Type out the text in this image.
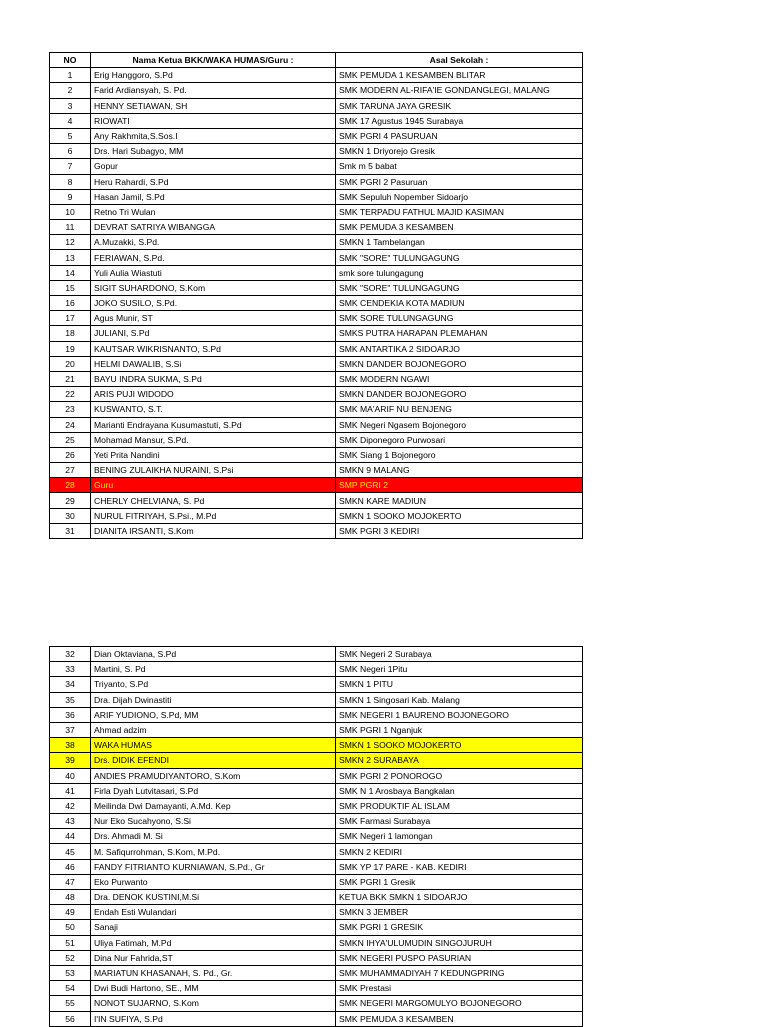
NO	Nama Ketua BKK/WAKA HUMAS/Guru :	Asal Sekolah :
1	Erig Hanggoro, S.Pd	SMK PEMUDA 1 KESAMBEN BLITAR
2	Farid Ardiansyah, S. Pd.	SMK MODERN AL-RIFA'IE GONDANGLEGI, MALANG
3	HENNY SETIAWAN, SH	SMK TARUNA JAYA GRESIK
4	RIOWATI	SMK 17 Agustus 1945 Surabaya
5	Any Rakhmita,S.Sos.I	SMK PGRI 4 PASURUAN
6	Drs. Hari Subagyo, MM	SMKN 1 Driyorejo Gresik
7	Gopur	Smk m 5 babat
8	Heru Rahardi, S.Pd	SMK PGRI 2 Pasuruan
9	Hasan Jamil, S.Pd	SMK Sepuluh Nopember Sidoarjo
10	Retno Tri Wulan	SMK TERPADU FATHUL MAJID KASIMAN
11	DEVRAT SATRIYA WIBANGGA	SMK PEMUDA 3 KESAMBEN
12	A.Muzakki, S.Pd.	SMKN 1 Tambelangan
13	FERIAWAN, S.Pd.	SMK "SORE" TULUNGAGUNG
14	Yuli Aulia Wiastuti	smk sore tulungagung
15	SIGIT SUHARDONO, S.Kom	SMK "SORE" TULUNGAGUNG
16	JOKO SUSILO, S.Pd.	SMK CENDEKIA KOTA MADIUN
17	Agus Munir, ST	SMK SORE TULUNGAGUNG
18	JULIANI, S.Pd	SMKS PUTRA HARAPAN PLEMAHAN
19	KAUTSAR WIKRISNANTO, S.Pd	SMK ANTARTIKA 2 SIDOARJO
20	HELMI DAWALIB, S.Si	SMKN DANDER BOJONEGORO
21	BAYU INDRA SUKMA, S.Pd	SMK MODERN NGAWI
22	ARIS PUJI WIDODO	SMKN DANDER BOJONEGORO
23	KUSWANTO, S.T.	SMK MA'ARIF NU BENJENG
24	Marianti Endrayana Kusumastuti, S.Pd	SMK Negeri Ngasem Bojonegoro
25	Mohamad Mansur, S.Pd.	SMK Diponegoro Purwosari
26	Yeti Prita Nandini	SMK Siang 1 Bojonegoro
27	BENING ZULAIKHA NURAINI, S.Psi	SMKN 9 MALANG
28	Guru	SMP PGRI 2
29	CHERLY CHELVIANA, S. Pd	SMKN KARE MADIUN
30	NURUL FITRIYAH, S.Psi., M.Pd	SMKN 1 SOOKO MOJOKERTO
31	DIANITA IRSANTI, S.Kom	SMK PGRI 3 KEDIRI
32	Dian Oktaviana, S.Pd	SMK Negeri 2 Surabaya
33	Martini, S. Pd	SMK Negeri 1Pitu
34	Triyanto, S.Pd	SMKN 1 PITU
35	Dra. Dijah Dwinastiti	SMKN 1 Singosari Kab. Malang
36	ARIF YUDIONO, S.Pd, MM	SMK NEGERI 1 BAURENO BOJONEGORO
37	Ahmad adzim	SMK PGRI 1 Nganjuk
38	WAKA HUMAS	SMKN 1 SOOKO MOJOKERTO
39	Drs. DIDIK EFENDI	SMKN 2 SURABAYA
40	ANDIES PRAMUDIYANTORO, S.Kom	SMK PGRI 2 PONOROGO
41	Firla Dyah Lutvitasari, S.Pd	SMK N 1 Arosbaya Bangkalan
42	Meilinda Dwi Damayanti, A.Md. Kep	SMK PRODUKTIF AL ISLAM
43	Nur Eko Sucahyono, S.Si	SMK Farmasi Surabaya
44	Drs. Ahmadi M. Si	SMK Negeri 1 lamongan
45	M. Safiqurrohman, S.Kom, M.Pd.	SMKN 2 KEDIRI
46	FANDY FITRIANTO KURNIAWAN, S.Pd., Gr	SMK YP 17 PARE - KAB. KEDIRI
47	Eko Purwanto	SMK PGRI 1 Gresik
48	Dra. DENOK KUSTINI,M.Si	KETUA BKK SMKN 1 SIDOARJO
49	Endah Esti Wulandari	SMKN 3 JEMBER
50	Sanaji	SMK PGRI 1 GRESIK
51	Uliya Fatimah, M.Pd	SMKN IHYA'ULUMUDIN SINGOJURUH
52	Dina Nur Fahrida,ST	SMK NEGERI PUSPO PASURIAN
53	MARIATUN KHASANAH, S. Pd., Gr.	SMK MUHAMMADIYAH 7 KEDUNGPRING
54	Dwi Budi Hartono, SE., MM	SMK Prestasi
55	NONOT SUJARNO, S.Kom	SMK NEGERI MARGOMULYO BOJONEGORO
56	I'IN SUFIYA, S.Pd	SMK PEMUDA 3 KESAMBEN
